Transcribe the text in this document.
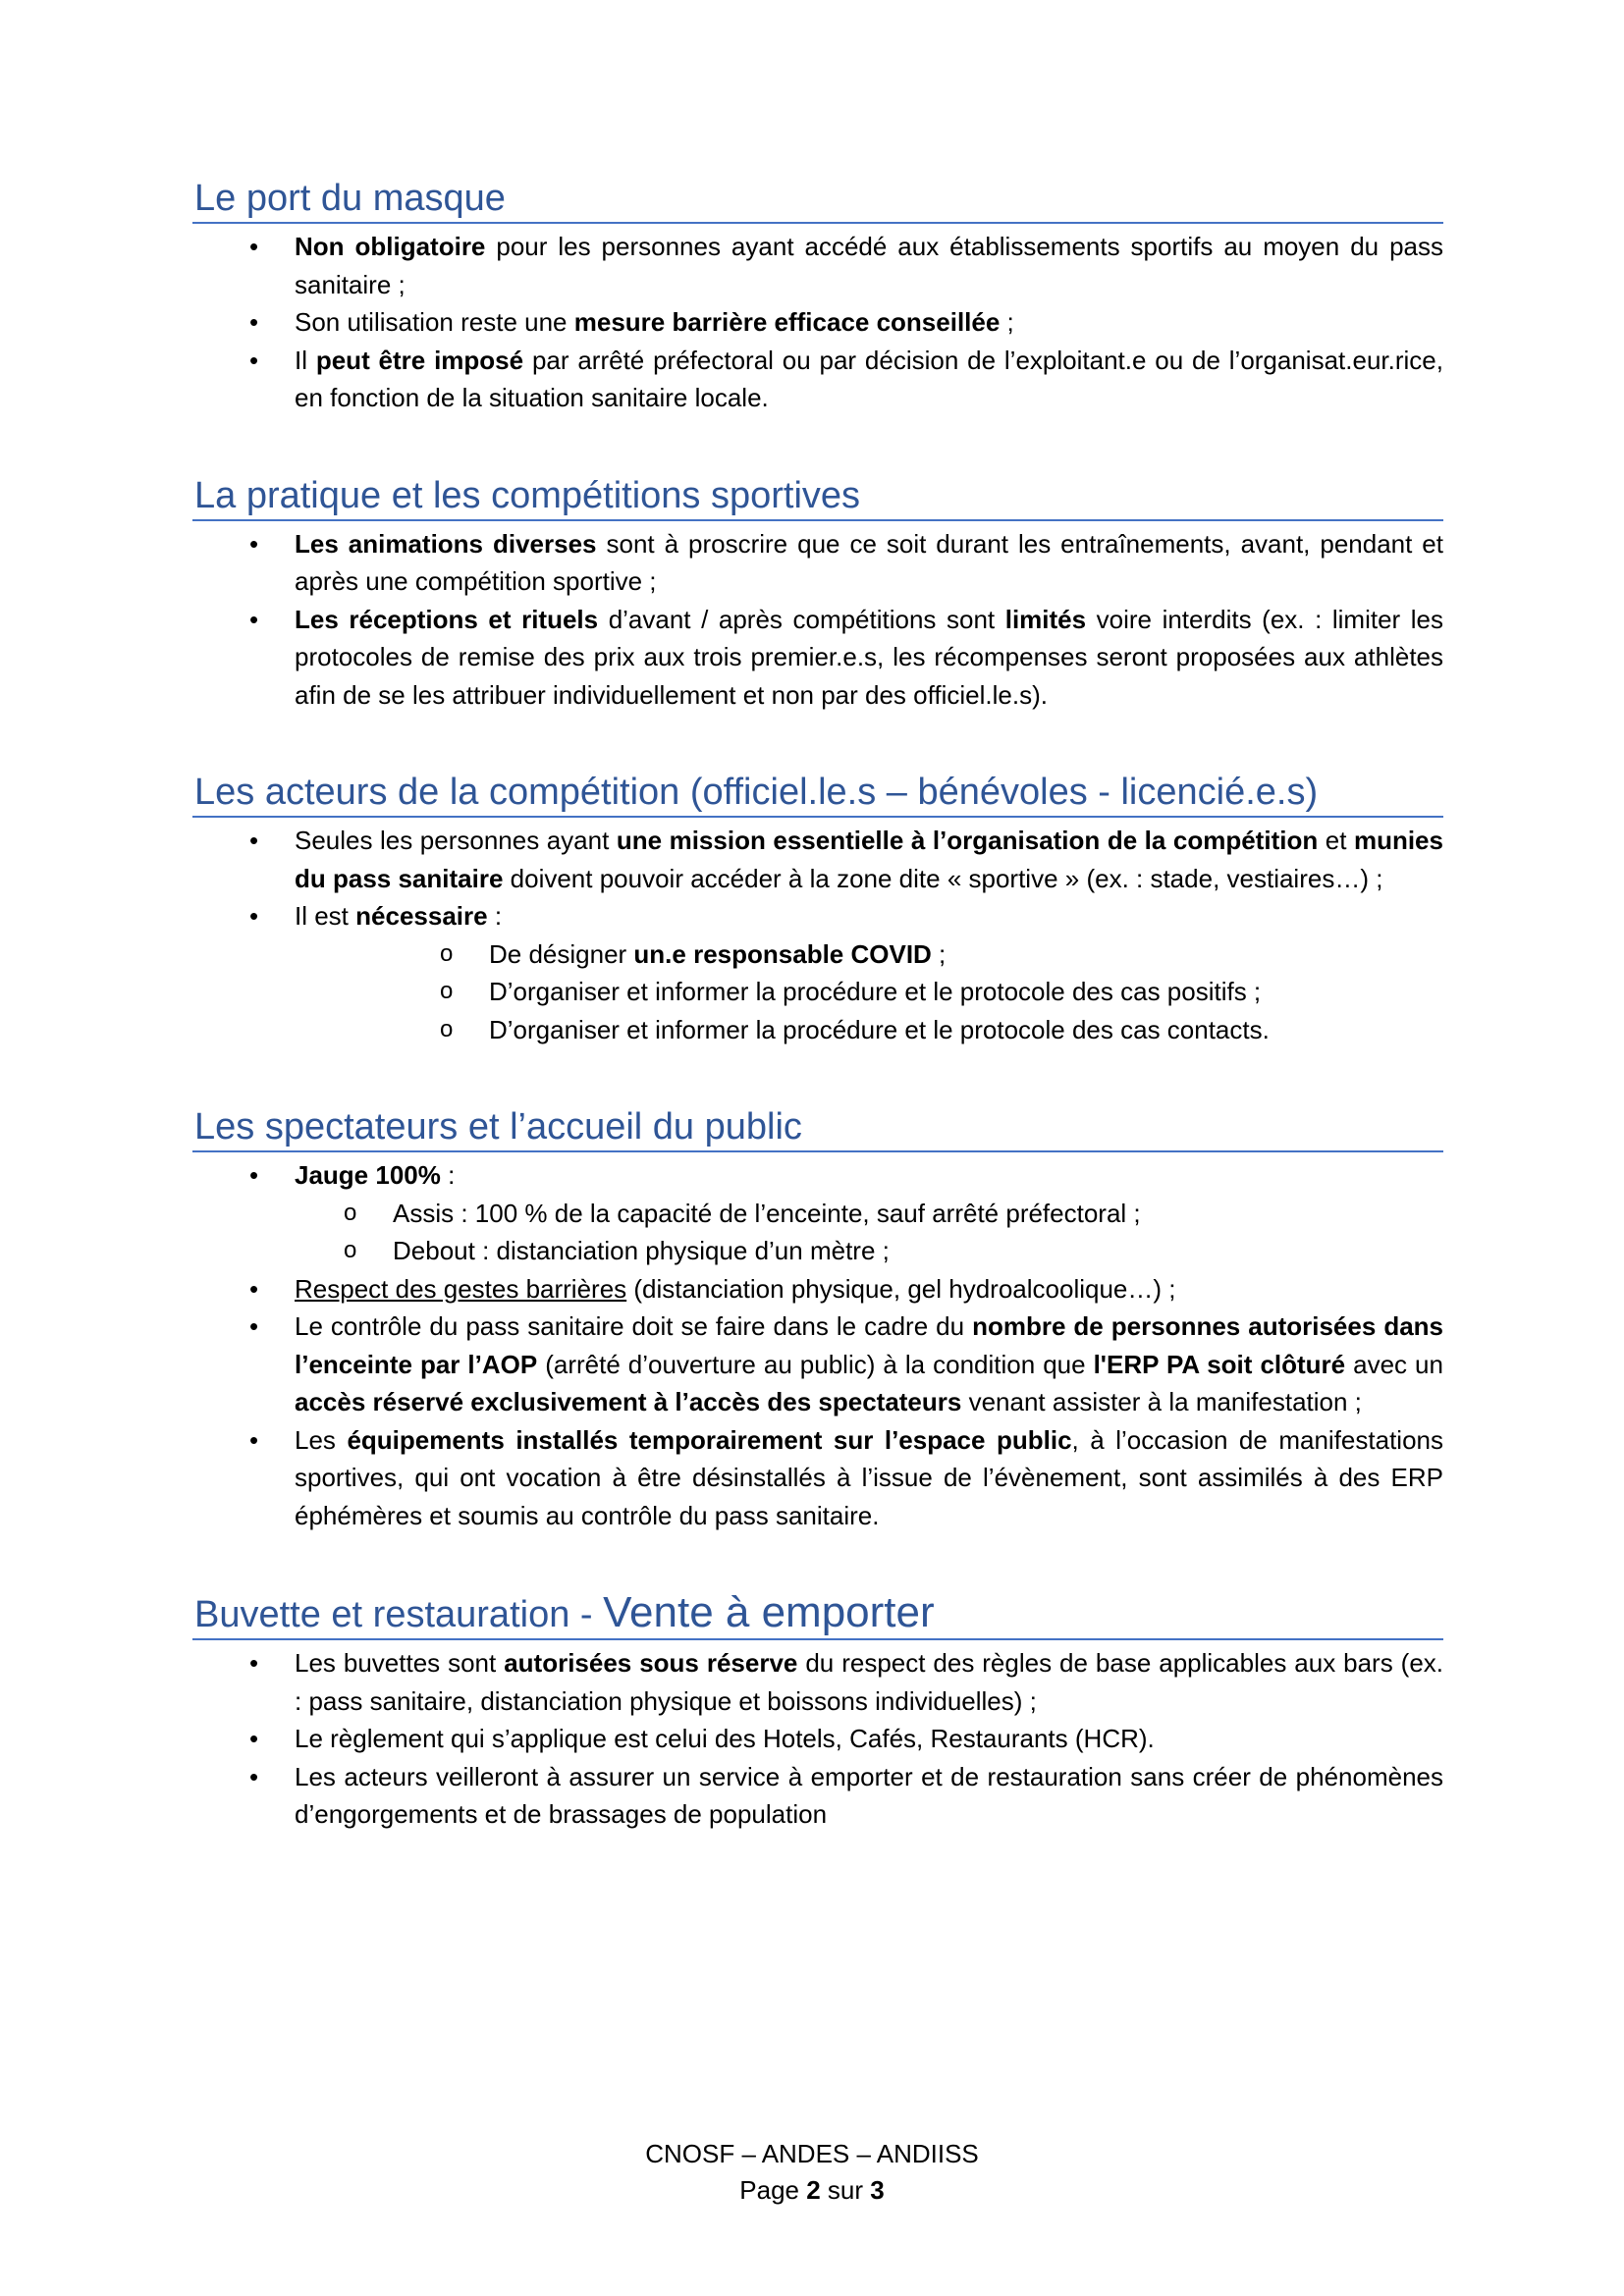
Le port du masque
• Non obligatoire pour les personnes ayant accédé aux établissements sportifs au moyen du pass sanitaire ;
• Son utilisation reste une mesure barrière efficace conseillée ;
• Il peut être imposé par arrêté préfectoral ou par décision de l’exploitant.e ou de l’organisat.eur.rice, en fonction de la situation sanitaire locale.
La pratique et les compétitions sportives
• Les animations diverses sont à proscrire que ce soit durant les entraînements, avant, pendant et après une compétition sportive ;
• Les réceptions et rituels d’avant / après compétitions sont limités voire interdits (ex. : limiter les protocoles de remise des prix aux trois premier.e.s, les récompenses seront proposées aux athlètes afin de se les attribuer individuellement et non par des officiel.le.s).
Les acteurs de la compétition (officiel.le.s – bénévoles - licencié.e.s)
• Seules les personnes ayant une mission essentielle à l’organisation de la compétition et munies du pass sanitaire doivent pouvoir accéder à la zone dite « sportive » (ex. : stade, vestiaires…) ;
• Il est nécessaire :
o De désigner un.e responsable COVID ;
o D’organiser et informer la procédure et le protocole des cas positifs ;
o D’organiser et informer la procédure et le protocole des cas contacts.
Les spectateurs et l’accueil du public
• Jauge 100% :
o Assis : 100 % de la capacité de l’enceinte, sauf arrêté préfectoral ;
o Debout : distanciation physique d’un mètre ;
• Respect des gestes barrières (distanciation physique, gel hydroalcoolique…) ;
• Le contrôle du pass sanitaire doit se faire dans le cadre du nombre de personnes autorisées dans l’enceinte par l’AOP (arrêté d’ouverture au public) à la condition que l'ERP PA soit clôturé avec un accès réservé exclusivement à l’accès des spectateurs venant assister à la manifestation ;
• Les équipements installés temporairement sur l’espace public, à l’occasion de manifestations sportives, qui ont vocation à être désinstallés à l’issue de l’évènement, sont assimilés à des ERP éphémères et soumis au contrôle du pass sanitaire.
Buvette et restauration - Vente à emporter
• Les buvettes sont autorisées sous réserve du respect des règles de base applicables aux bars (ex. : pass sanitaire, distanciation physique et boissons individuelles) ;
• Le règlement qui s’applique est celui des Hotels, Cafés, Restaurants (HCR).
• Les acteurs veilleront à assurer un service à emporter et de restauration sans créer de phénomènes d’engorgements et de brassages de population
CNOSF – ANDES – ANDIISS
Page 2 sur 3
